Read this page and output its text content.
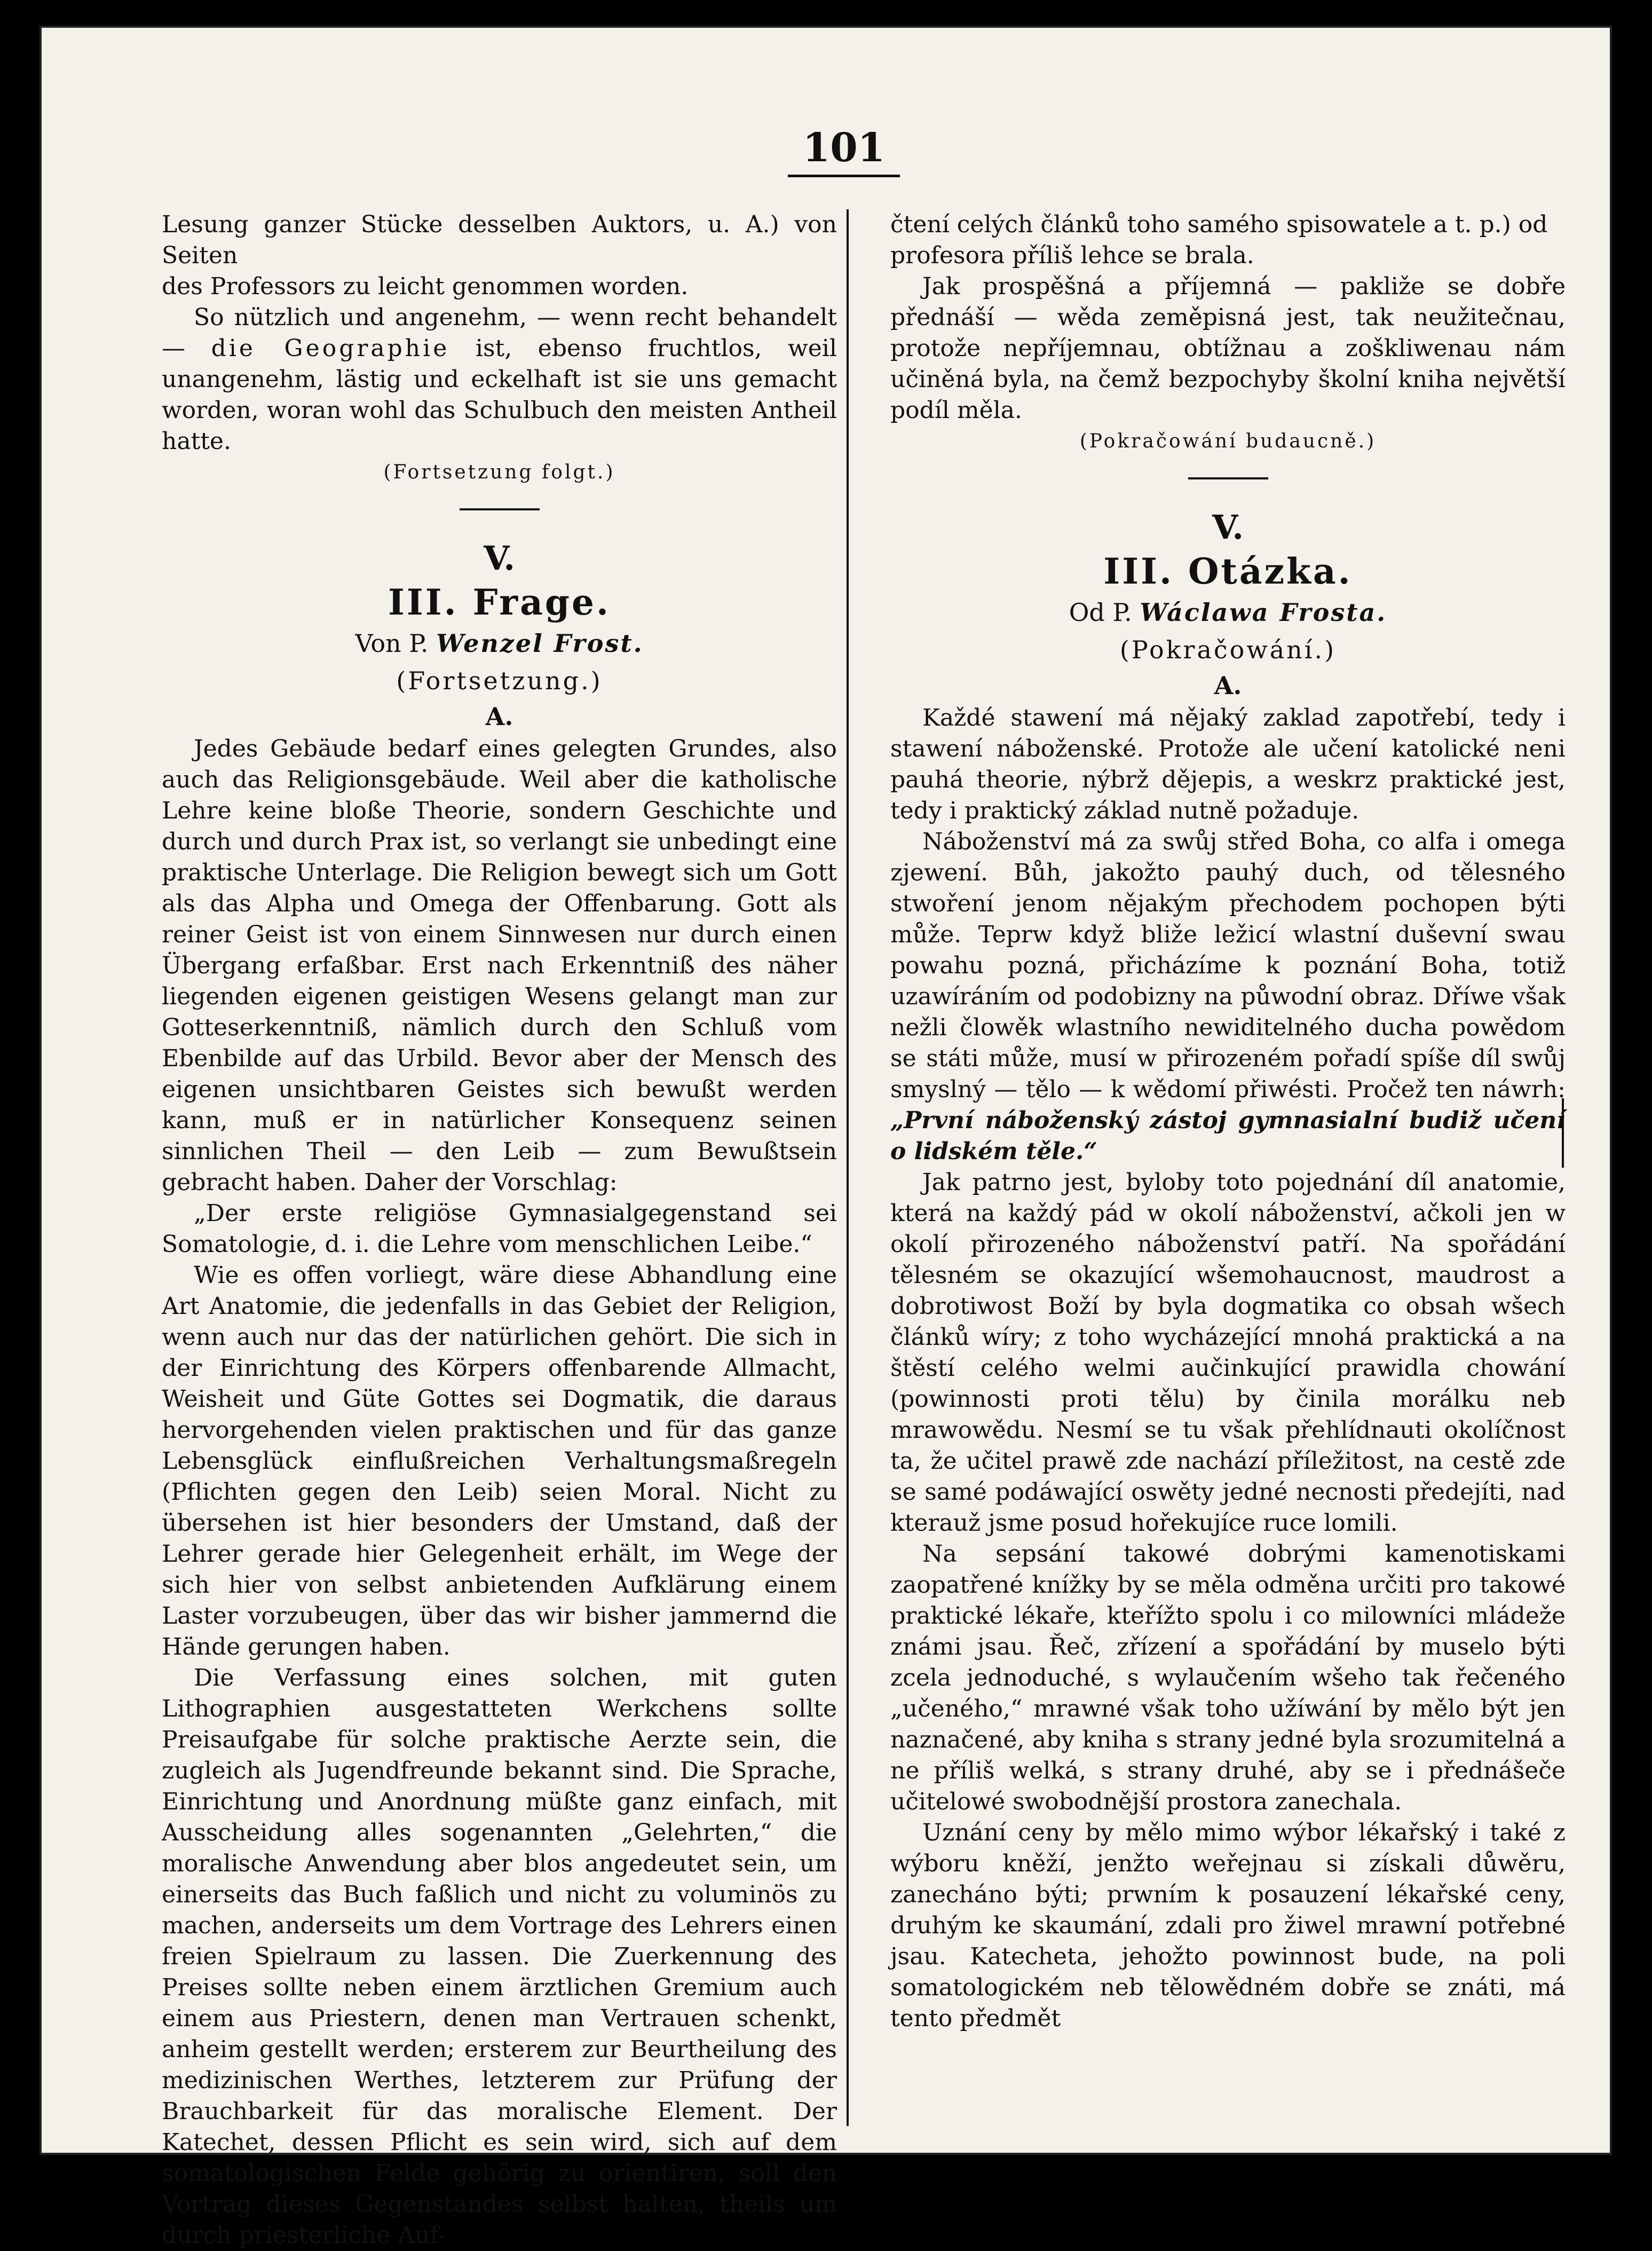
101

Lesung ganzer Stücke desselben Auktors, u. A.) von Seiten

des Professors zu leicht genommen worden.

So nützlich und angenehm, — wenn recht behandelt — die Geographie ist, ebenso fruchtlos, weil unangenehm, lästig und eckelhaft ist sie uns gemacht worden, woran wohl das Schulbuch den meisten Antheil hatte.

(Fortsetzung folgt.)

V.
III. Frage.
Von P. Wenzel Frost.
(Fortsetzung.)
A.

Jedes Gebäude bedarf eines gelegten Grundes, also auch das Religionsgebäude. Weil aber die katholische Lehre keine bloße Theorie, sondern Geschichte und durch und durch Prax ist, so verlangt sie unbedingt eine praktische Unterlage. Die Religion bewegt sich um Gott als das Alpha und Omega der Offenbarung. Gott als reiner Geist ist von einem Sinnwesen nur durch einen Übergang erfaßbar. Erst nach Erkenntniß des näher liegenden eigenen geistigen Wesens gelangt man zur Gotteserkenntniß, nämlich durch den Schluß vom Ebenbilde auf das Urbild. Bevor aber der Mensch des eigenen unsichtbaren Geistes sich bewußt werden kann, muß er in natürlicher Konsequenz seinen sinnlichen Theil — den Leib — zum Bewußtsein gebracht haben. Daher der Vorschlag:

„Der erste religiöse Gymnasialgegenstand sei Somatologie, d. i. die Lehre vom menschlichen Leibe.“

Wie es offen vorliegt, wäre diese Abhandlung eine Art Anatomie, die jedenfalls in das Gebiet der Religion, wenn auch nur das der natürlichen gehört. Die sich in der Einrichtung des Körpers offenbarende Allmacht, Weisheit und Güte Gottes sei Dogmatik, die daraus hervorgehenden vielen praktischen und für das ganze Lebensglück einflußreichen Verhaltungsmaßregeln (Pflichten gegen den Leib) seien Moral. Nicht zu übersehen ist hier besonders der Umstand, daß der Lehrer gerade hier Gelegenheit erhält, im Wege der sich hier von selbst anbietenden Aufklärung einem Laster vorzubeugen, über das wir bisher jammernd die Hände gerungen haben.

Die Verfassung eines solchen, mit guten Lithographien ausgestatteten Werkchens sollte Preisaufgabe für solche praktische Aerzte sein, die zugleich als Jugendfreunde bekannt sind. Die Sprache, Einrichtung und Anordnung müßte ganz einfach, mit Ausscheidung alles sogenannten „Gelehrten,“ die moralische Anwendung aber blos angedeutet sein, um einerseits das Buch faßlich und nicht zu voluminös zu machen, anderseits um dem Vortrage des Lehrers einen freien Spielraum zu lassen. Die Zuerkennung des Preises sollte neben einem ärztlichen Gremium auch einem aus Priestern, denen man Vertrauen schenkt, anheim gestellt werden; ersterem zur Beurtheilung des medizinischen Werthes, letzterem zur Prüfung der Brauchbarkeit für das moralische Element. Der Katechet, dessen Pflicht es sein wird, sich auf dem somatologischen Felde gehörig zu orientiren, soll den Vortrag dieses Gegenstandes selbst halten, theils um durch priesterliche Auf-

čtení celých článků toho samého spisowatele a t. p.) od

profesora příliš lehce se brala.

Jak prospěšná a příjemná — pakliže se dobře přednáší — wěda zeměpisná jest, tak neužitečnau, protože nepříjemnau, obtížnau a zoškliwenau nám učiněná byla, na čemž bezpochyby školní kniha největší podíl měla.

(Pokračowání budaucně.)

V.
III. Otázka.
Od P. Wáclawa Frosta.
(Pokračowání.)
A.

Každé stawení má nějaký zaklad zapotřebí, tedy i stawení náboženské. Protože ale učení katolické neni pauhá theorie, nýbrž dějepis, a weskrz praktické jest, tedy i praktický základ nutně požaduje.

Náboženství má za swůj střed Boha, co alfa i omega zjewení. Bůh, jakožto pauhý duch, od tělesného stwoření jenom nějakým přechodem pochopen býti může. Teprw když bliže ležicí wlastní duševní swau powahu pozná, přicházíme k poznání Boha, totiž uzawíráním od podobizny na půwodní obraz. Dříwe však nežli člowěk wlastního newiditelného ducha powědom se státi může, musí w přirozeném pořadí spíše díl swůj smyslný — tělo — k wědomí přiwésti. Pročež ten náwrh: „První náboženský zástoj gymnasialní budiž učení o lidském těle.“

Jak patrno jest, byloby toto pojednání díl anatomie, která na každý pád w okolí náboženství, ačkoli jen w okolí přirozeného náboženství patří. Na spořádání tělesném se okazující wšemohaucnost, maudrost a dobrotiwost Boží by byla dogmatika co obsah wšech článků wíry; z toho wycházející mnohá praktická a na štěstí celého welmi aučinkující prawidla chowání (powinnosti proti tělu) by činila morálku neb mrawowědu. Nesmí se tu však přehlídnauti okolíčnost ta, že učitel prawě zde nachází příležitost, na cestě zde se samé podáwající oswěty jedné necnosti předejíti, nad kterauž jsme posud hořekujíce ruce lomili.

Na sepsání takowé dobrými kamenotiskami zaopatřené knížky by se měla odměna určiti pro takowé praktické lékaře, kteřížto spolu i co milowníci mládeže známi jsau. Řeč, zřízení a spořádání by muselo býti zcela jednoduché, s wylaučením wšeho tak řečeného „učeného,“ mrawné však toho užíwání by mělo být jen naznačené, aby kniha s strany jedné byla srozumitelná a ne příliš welká, s strany druhé, aby se i přednášeče učitelowé swobodnější prostora zanechala.

Uznání ceny by mělo mimo wýbor lékařský i také z wýboru kněží, jenžto weřejnau si získali důwěru, zanecháno býti; prwním k posauzení lékařské ceny, druhým ke skaumání, zdali pro žiwel mrawní potřebné jsau. Katecheta, jehožto powinnost bude, na poli somatologickém neb tělowědném dobře se znáti, má tento předmět
